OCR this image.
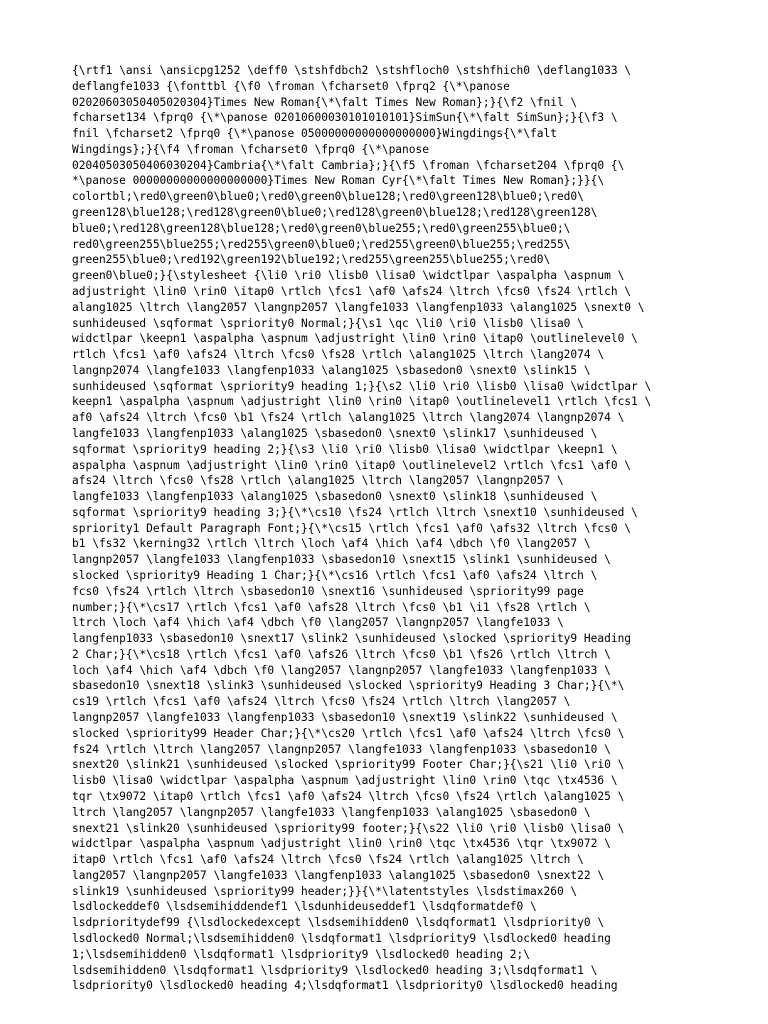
{\rtf1 \ansi \ansicpg1252 \deff0 \stshfdbch2 \stshfloch0 \stshfhich0 \deflang1033 \
deflangfe1033 {\fonttbl {\f0 \froman \fcharset0 \fprq2 {\*\panose
02020603050405020304}Times New Roman{\*\falt Times New Roman};}{\f2 \fnil \
fcharset134 \fprq0 {\*\panose 02010600030101010101}SimSun{\*\falt SimSun};}{\f3 \
fnil \fcharset2 \fprq0 {\*\panose 05000000000000000000}Wingdings{\*\falt
Wingdings};}{\f4 \froman \fcharset0 \fprq0 {\*\panose
02040503050406030204}Cambria{\*\falt Cambria};}{\f5 \froman \fcharset204 \fprq0 {\
*\panose 00000000000000000000}Times New Roman Cyr{\*\falt Times New Roman};}}{\
colortbl;\red0\green0\blue0;\red0\green0\blue128;\red0\green128\blue0;\red0\
green128\blue128;\red128\green0\blue0;\red128\green0\blue128;\red128\green128\
blue0;\red128\green128\blue128;\red0\green0\blue255;\red0\green255\blue0;\
red0\green255\blue255;\red255\green0\blue0;\red255\green0\blue255;\red255\
green255\blue0;\red192\green192\blue192;\red255\green255\blue255;\red0\
green0\blue0;}{\stylesheet {\li0 \ri0 \lisb0 \lisa0 \widctlpar \aspalpha \aspnum \
adjustright \lin0 \rin0 \itap0 \rtlch \fcs1 \af0 \afs24 \ltrch \fcs0 \fs24 \rtlch \
alang1025 \ltrch \lang2057 \langnp2057 \langfe1033 \langfenp1033 \alang1025 \snext0 \
sunhideused \sqformat \spriority0 Normal;}{\s1 \qc \li0 \ri0 \lisb0 \lisa0 \
widctlpar \keepn1 \aspalpha \aspnum \adjustright \lin0 \rin0 \itap0 \outlinelevel0 \
rtlch \fcs1 \af0 \afs24 \ltrch \fcs0 \fs28 \rtlch \alang1025 \ltrch \lang2074 \
langnp2074 \langfe1033 \langfenp1033 \alang1025 \sbasedon0 \snext0 \slink15 \
sunhideused \sqformat \spriority9 heading 1;}{\s2 \li0 \ri0 \lisb0 \lisa0 \widctlpar \
keepn1 \aspalpha \aspnum \adjustright \lin0 \rin0 \itap0 \outlinelevel1 \rtlch \fcs1 \
af0 \afs24 \ltrch \fcs0 \b1 \fs24 \rtlch \alang1025 \ltrch \lang2074 \langnp2074 \
langfe1033 \langfenp1033 \alang1025 \sbasedon0 \snext0 \slink17 \sunhideused \
sqformat \spriority9 heading 2;}{\s3 \li0 \ri0 \lisb0 \lisa0 \widctlpar \keepn1 \
aspalpha \aspnum \adjustright \lin0 \rin0 \itap0 \outlinelevel2 \rtlch \fcs1 \af0 \
afs24 \ltrch \fcs0 \fs28 \rtlch \alang1025 \ltrch \lang2057 \langnp2057 \
langfe1033 \langfenp1033 \alang1025 \sbasedon0 \snext0 \slink18 \sunhideused \
sqformat \spriority9 heading 3;}{\*\cs10 \fs24 \rtlch \ltrch \snext10 \sunhideused \
spriority1 Default Paragraph Font;}{\*\cs15 \rtlch \fcs1 \af0 \afs32 \ltrch \fcs0 \
b1 \fs32 \kerning32 \rtlch \ltrch \loch \af4 \hich \af4 \dbch \f0 \lang2057 \
langnp2057 \langfe1033 \langfenp1033 \sbasedon10 \snext15 \slink1 \sunhideused \
slocked \spriority9 Heading 1 Char;}{\*\cs16 \rtlch \fcs1 \af0 \afs24 \ltrch \
fcs0 \fs24 \rtlch \ltrch \sbasedon10 \snext16 \sunhideused \spriority99 page
number;}{\*\cs17 \rtlch \fcs1 \af0 \afs28 \ltrch \fcs0 \b1 \i1 \fs28 \rtlch \
ltrch \loch \af4 \hich \af4 \dbch \f0 \lang2057 \langnp2057 \langfe1033 \
langfenp1033 \sbasedon10 \snext17 \slink2 \sunhideused \slocked \spriority9 Heading
2 Char;}{\*\cs18 \rtlch \fcs1 \af0 \afs26 \ltrch \fcs0 \b1 \fs26 \rtlch \ltrch \
loch \af4 \hich \af4 \dbch \f0 \lang2057 \langnp2057 \langfe1033 \langfenp1033 \
sbasedon10 \snext18 \slink3 \sunhideused \slocked \spriority9 Heading 3 Char;}{\*\
cs19 \rtlch \fcs1 \af0 \afs24 \ltrch \fcs0 \fs24 \rtlch \ltrch \lang2057 \
langnp2057 \langfe1033 \langfenp1033 \sbasedon10 \snext19 \slink22 \sunhideused \
slocked \spriority99 Header Char;}{\*\cs20 \rtlch \fcs1 \af0 \afs24 \ltrch \fcs0 \
fs24 \rtlch \ltrch \lang2057 \langnp2057 \langfe1033 \langfenp1033 \sbasedon10 \
snext20 \slink21 \sunhideused \slocked \spriority99 Footer Char;}{\s21 \li0 \ri0 \
lisb0 \lisa0 \widctlpar \aspalpha \aspnum \adjustright \lin0 \rin0 \tqc \tx4536 \
tqr \tx9072 \itap0 \rtlch \fcs1 \af0 \afs24 \ltrch \fcs0 \fs24 \rtlch \alang1025 \
ltrch \lang2057 \langnp2057 \langfe1033 \langfenp1033 \alang1025 \sbasedon0 \
snext21 \slink20 \sunhideused \spriority99 footer;}{\s22 \li0 \ri0 \lisb0 \lisa0 \
widctlpar \aspalpha \aspnum \adjustright \lin0 \rin0 \tqc \tx4536 \tqr \tx9072 \
itap0 \rtlch \fcs1 \af0 \afs24 \ltrch \fcs0 \fs24 \rtlch \alang1025 \ltrch \
lang2057 \langnp2057 \langfe1033 \langfenp1033 \alang1025 \sbasedon0 \snext22 \
slink19 \sunhideused \spriority99 header;}}{\*\latentstyles \lsdstimax260 \
lsdlockeddef0 \lsdsemihiddendef1 \lsdunhideuseddef1 \lsdqformatdef0 \
lsdprioritydef99 {\lsdlockedexcept \lsdsemihidden0 \lsdqformat1 \lsdpriority0 \
lsdlocked0 Normal;\lsdsemihidden0 \lsdqformat1 \lsdpriority9 \lsdlocked0 heading
1;\lsdsemihidden0 \lsdqformat1 \lsdpriority9 \lsdlocked0 heading 2;\
lsdsemihidden0 \lsdqformat1 \lsdpriority9 \lsdlocked0 heading 3;\lsdqformat1 \
lsdpriority0 \lsdlocked0 heading 4;\lsdqformat1 \lsdpriority0 \lsdlocked0 heading
